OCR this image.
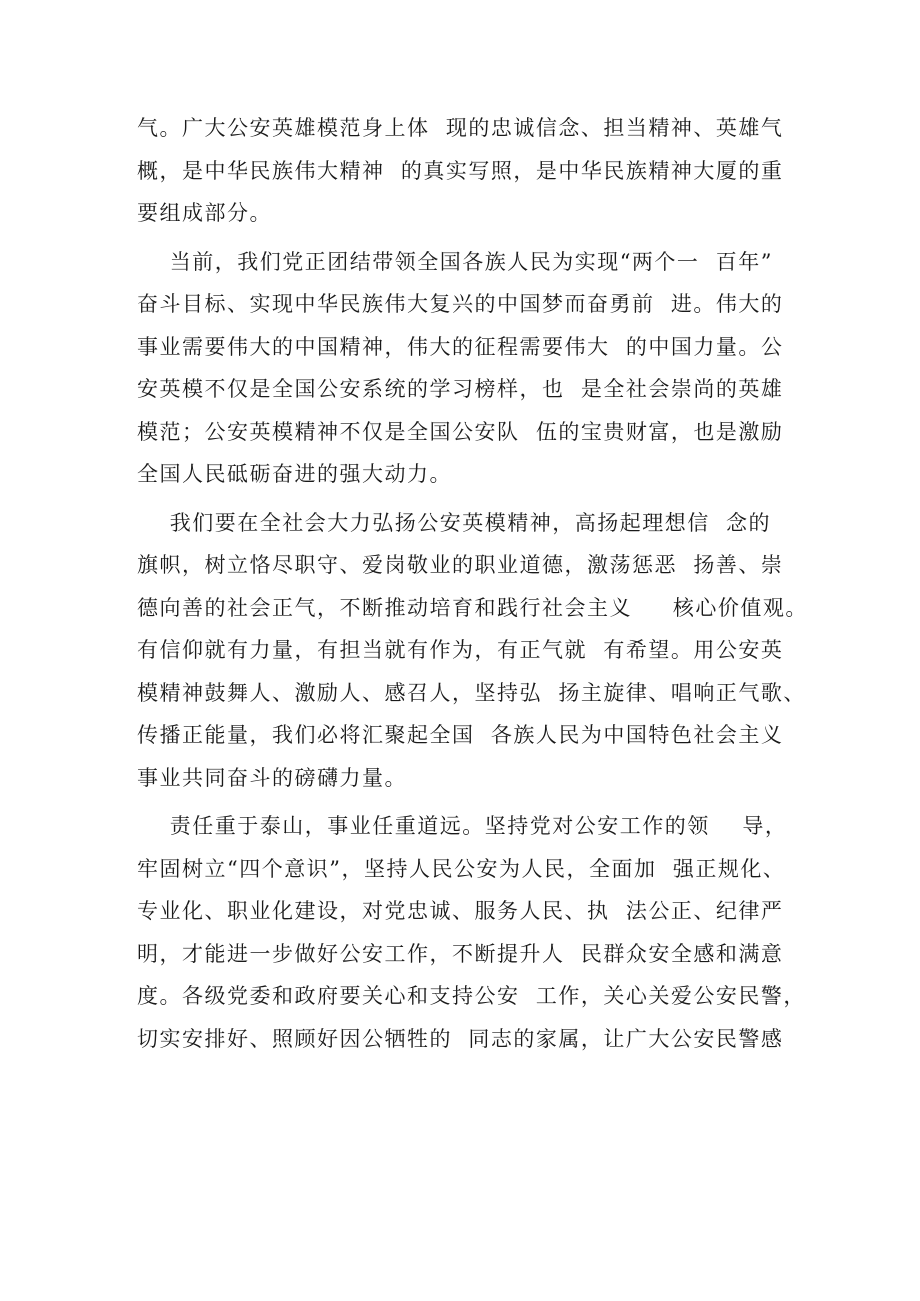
气。广大公安英雄模范身上体  现的忠诚信念、担当精神、英雄气
概，是中华民族伟大精神  的真实写照，是中华民族精神大厦的重
要组成部分。
当前，我们党正团结带领全国各族人民为实现“两个一  百年”
奋斗目标、实现中华民族伟大复兴的中国梦而奋勇前  进。伟大的
事业需要伟大的中国精神，伟大的征程需要伟大  的中国力量。公
安英模不仅是全国公安系统的学习榜样，也  是全社会崇尚的英雄
模范；公安英模精神不仅是全国公安队  伍的宝贵财富，也是激励
全国人民砥砺奋进的强大动力。
我们要在全社会大力弘扬公安英模精神，高扬起理想信  念的
旗帜，树立恪尽职守、爱岗敬业的职业道德，激荡惩恶  扬善、崇
德向善的社会正气，不断推动培育和践行社会主义     核心价值观。
有信仰就有力量，有担当就有作为，有正气就  有希望。用公安英
模精神鼓舞人、激励人、感召人，坚持弘  扬主旋律、唱响正气歌、
传播正能量，我们必将汇聚起全国  各族人民为中国特色社会主义
事业共同奋斗的磅礴力量。
责任重于泰山，事业任重道远。坚持党对公安工作的领    导，
牢固树立“四个意识”，坚持人民公安为人民，全面加  强正规化、
专业化、职业化建设，对党忠诚、服务人民、执  法公正、纪律严
明，才能进一步做好公安工作，不断提升人  民群众安全感和满意
度。各级党委和政府要关心和支持公安  工作，关心关爱公安民警，
切实安排好、照顾好因公牺牲的  同志的家属，让广大公安民警感
